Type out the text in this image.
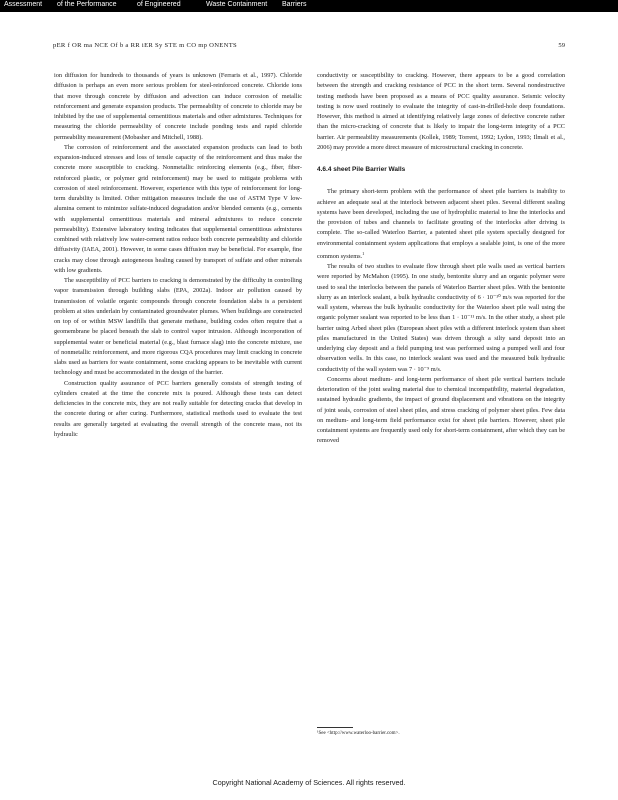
Assessment of the Performance	of Engineered	Waste Containment Barriers
pER f OR ma NCE Of b a RR iER Sy STE m CO mp ONENTS	59

ion diffusion for hundreds to thousands of years is unknown (Ferraris et al., 1997). Chloride diffusion is perhaps an even more serious problem for steel-reinforced concrete. Chloride ions that move through concrete by diffusion and advection can induce corrosion of metallic reinforcement and generate expansion products. The permeability of concrete to chloride may be inhibited by the use of supplemental cementitious materials and other admixtures. Techniques for measuring the chloride permeability of concrete include ponding tests and rapid chloride permeability measurement (Mobasher and Mitchell, 1988).

The corrosion of reinforcement and the associated expansion products can lead to both expansion-induced stresses and loss of tensile capacity of the reinforcement and thus make the concrete more susceptible to cracking. Nonmetallic reinforcing elements (e.g., fiber, fiber-reinforced plastic, or polymer grid reinforcement) may be used to mitigate problems with corrosion of steel reinforcement. However, experience with this type of reinforcement for long-term durability is limited. Other mitigation measures include the use of ASTM Type V low-alumina cement to minimize sulfate-induced degradation and/or blended cements (e.g., cements with supplemental cementitious materials and mineral admixtures to reduce concrete permeability). Extensive laboratory testing indicates that supplemental cementitious admixtures combined with relatively low water-cement ratios reduce both concrete permeability and chloride diffusivity (IAEA, 2001). However, in some cases diffusion may be beneficial. For example, fine cracks may close through autogeneous healing caused by transport of sulfate and other minerals with low gradients.

The susceptibility of PCC barriers to cracking is demonstrated by the difficulty in controlling vapor transmission through building slabs (EPA, 2002a). Indoor air pollution caused by transmission of volatile organic compounds through concrete foundation slabs is a persistent problem at sites underlain by contaminated groundwater plumes. When buildings are constructed on top of or within MSW landfills that generate methane, building codes often require that a geomembrane be placed beneath the slab to control vapor intrusion. Although incorporation of supplemental water or beneficial material (e.g., blast furnace slag) into the concrete mixture, use of nonmetallic reinforcement, and more rigorous CQA procedures may limit cracking in concrete slabs used as barriers for waste containment, some cracking appears to be inevitable with current technology and must be accommodated in the design of the barrier.

Construction quality assurance of PCC barriers generally consists of strength testing of cylinders created at the time the concrete mix is poured. Although these tests can detect deficiencies in the concrete mix, they are not really suitable for detecting cracks that develop in the concrete during or after curing. Furthermore, statistical methods used to evaluate the test results are generally targeted at evaluating the overall strength of the concrete mass, not its hydraulic

conductivity or susceptibility to cracking. However, there appears to be a good correlation between the strength and cracking resistance of PCC in the short term. Several nondestructive testing methods have been proposed as a means of PCC quality assurance. Seismic velocity testing is now used routinely to evaluate the integrity of cast-in-drilled-hole deep foundations. However, this method is aimed at identifying relatively large zones of defective concrete rather than the micro-cracking of concrete that is likely to impair the long-term integrity of a PCC barrier. Air permeability measurements (Kollek, 1989; Torrent, 1992; Lydon, 1993; Ilmali et al., 2006) may provide a more direct measure of microstructural cracking in concrete.

4.6.4 sheet Pile Barrier Walls

The primary short-term problem with the performance of sheet pile barriers is inability to achieve an adequate seal at the interlock between adjacent sheet piles. Several different sealing systems have been developed, including the use of hydrophilic material to line the interlocks and the provision of tubes and channels to facilitate grouting of the interlocks after driving is complete. The so-called Waterloo Barrier, a patented sheet pile system specially designed for environmental containment system applications that employs a sealable joint, is one of the more common systems.$^1$

The results of two studies to evaluate flow through sheet pile walls used as vertical barriers were reported by McMahon (1995). In one study, bentonite slurry and an organic polymer were used to seal the interlocks between the panels of Waterloo Barrier sheet piles. With the bentonite slurry as an interlock sealant, a bulk hydraulic conductivity of 6 · 10⁻¹⁰ m/s was reported for the wall system, whereas the bulk hydraulic conductivity for the Waterloo sheet pile wall using the organic polymer sealant was reported to be less than 1 · 10⁻¹¹ m/s. In the other study, a sheet pile barrier using Arbed sheet piles (European sheet piles with a different interlock system than sheet piles manufactured in the United States) was driven through a silty sand deposit into an underlying clay deposit and a field pumping test was performed using a pumped well and four observation wells. In this case, no interlock sealant was used and the measured bulk hydraulic conductivity of the wall system was 7 · 10⁻⁹ m/s.

Concerns about medium- and long-term performance of sheet pile vertical barriers include deterioration of the joint sealing material due to chemical incompatibility, material degradation, sustained hydraulic gradients, the impact of ground displacement and vibrations on the integrity of joint seals, corrosion of steel sheet piles, and stress cracking of polymer sheet piles. Few data on medium- and long-term field performance exist for sheet pile barriers. However, sheet pile containment systems are frequently used only for short-term containment, after which they can be removed

¹See <http://www.waterloo-barrier.com>.
Copyright National Academy of Sciences. All rights reserved.
